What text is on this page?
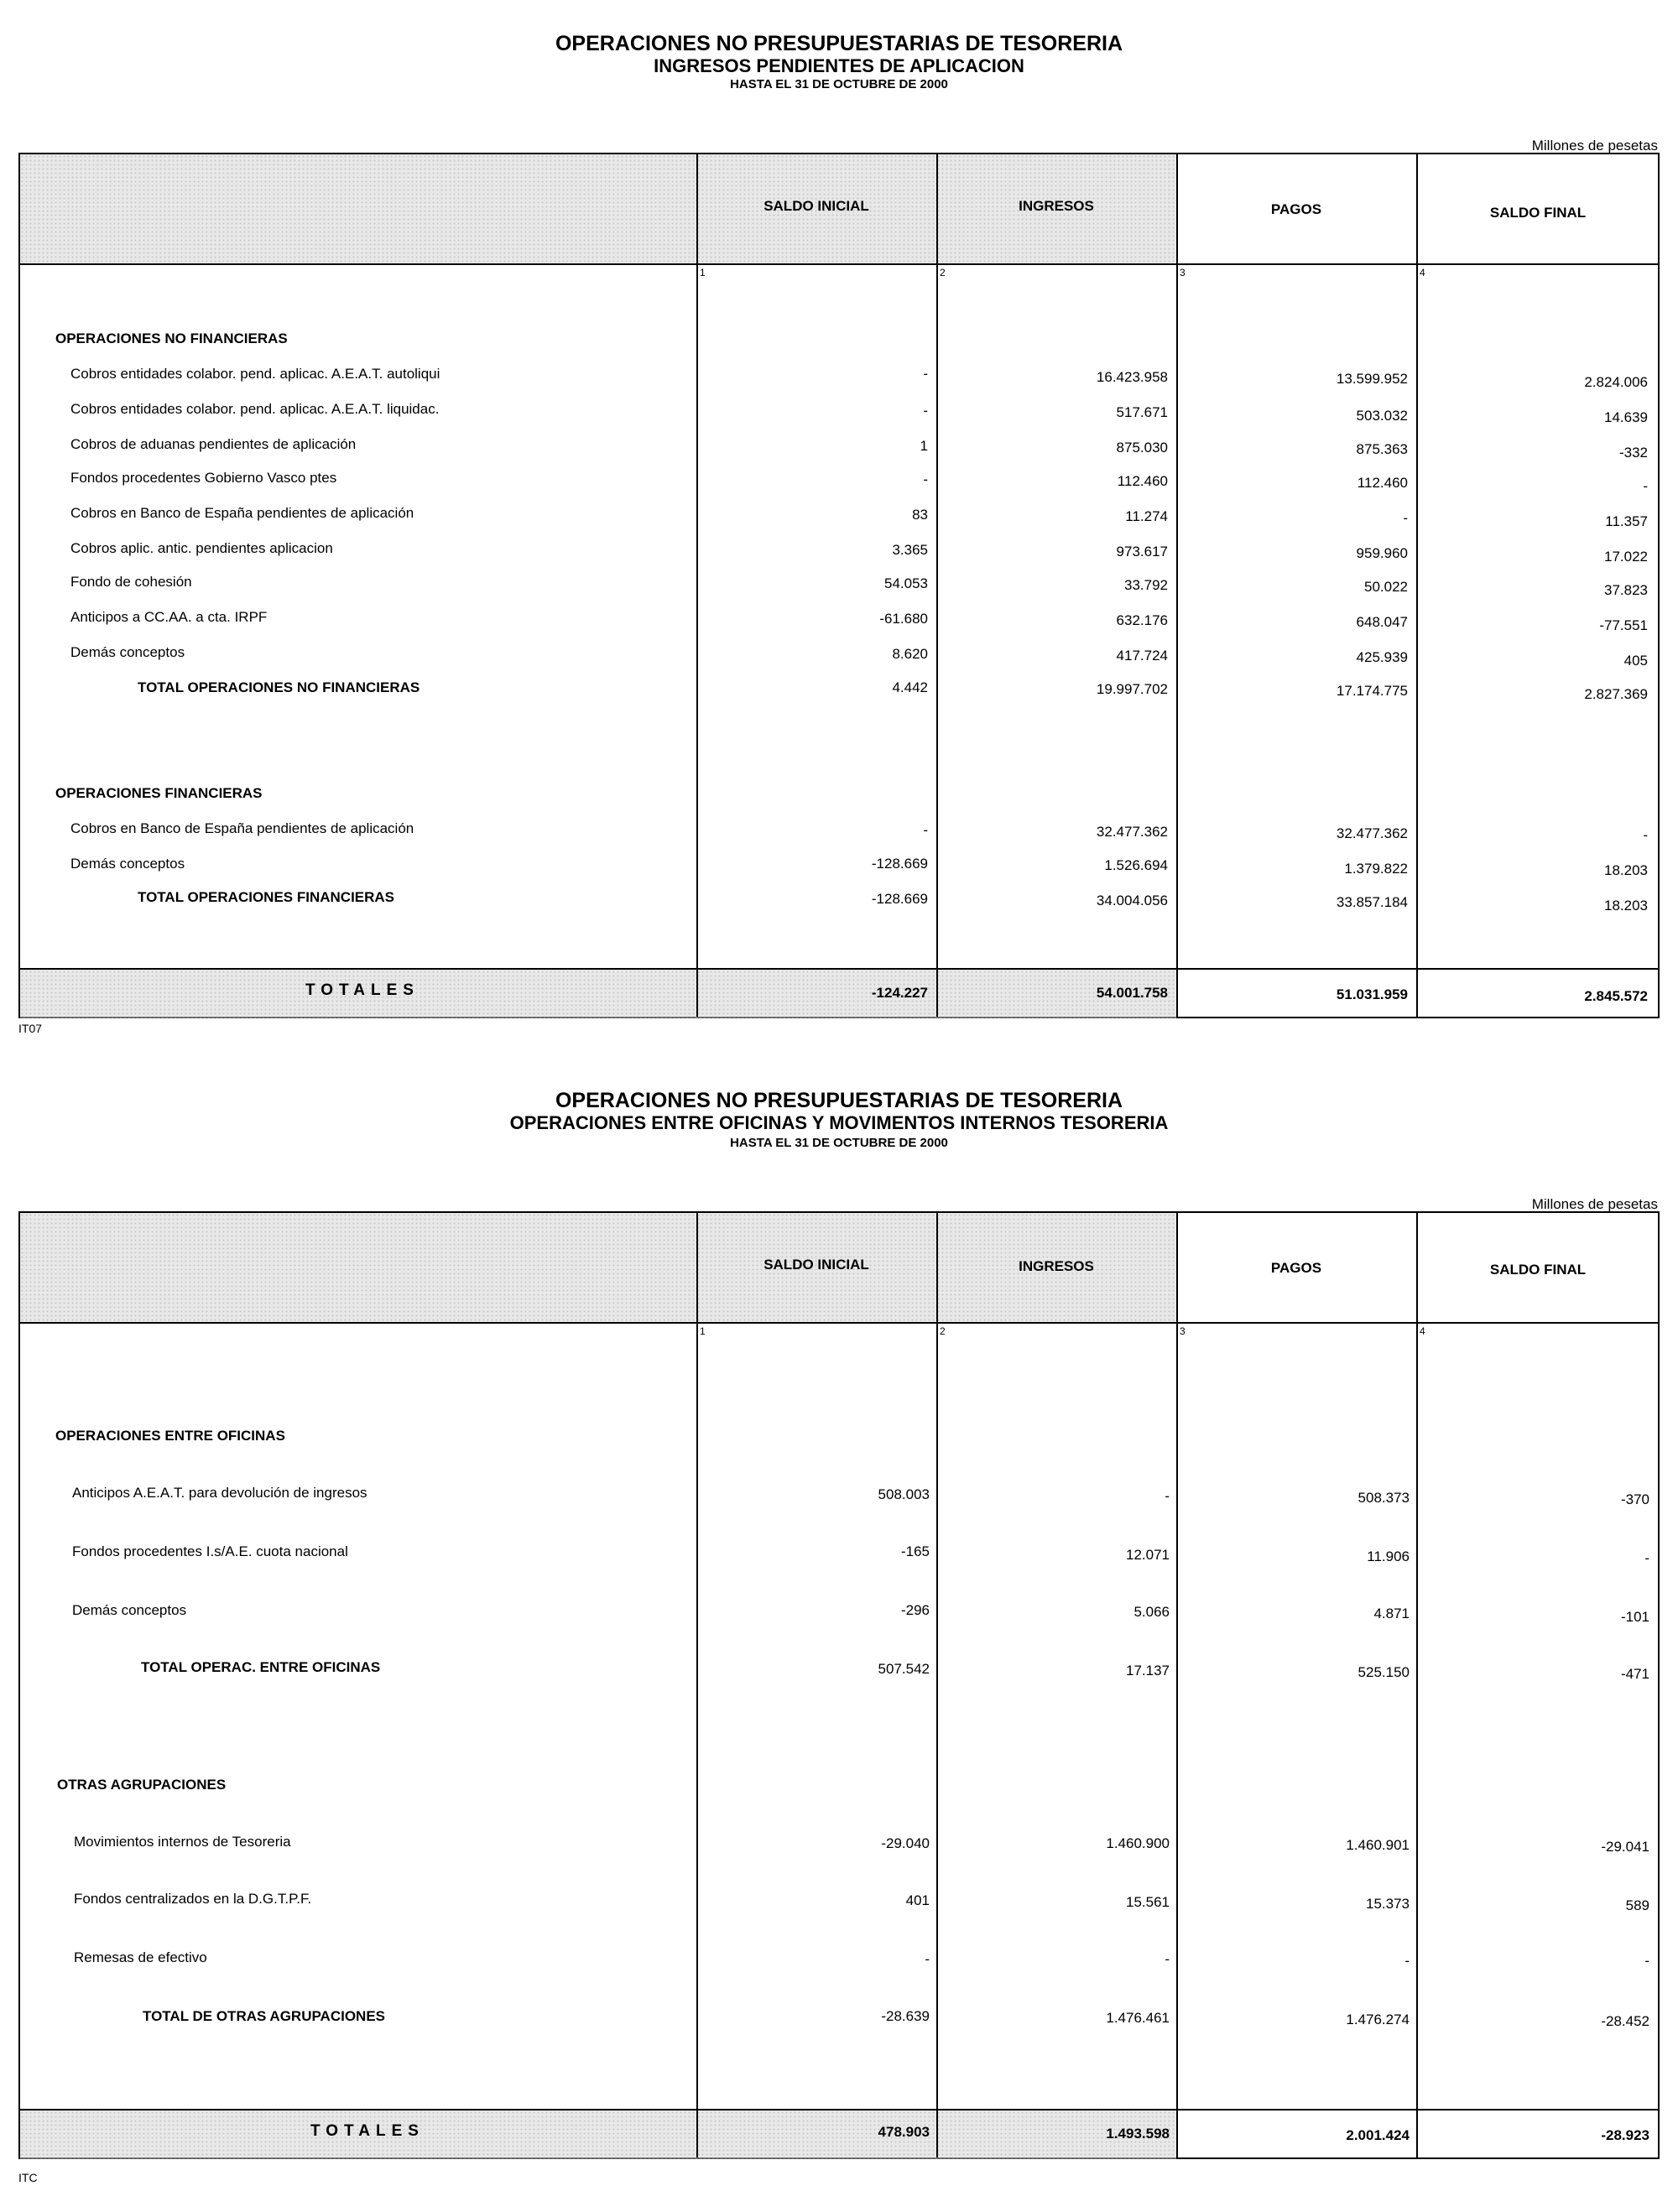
OPERACIONES NO PRESUPUESTARIAS DE TESORERIA
INGRESOS PENDIENTES DE APLICACION
HASTA EL 31 DE OCTUBRE DE 2000
Millones de pesetas
SALDO INICIAL	INGRESOS	PAGOS	SALDO FINAL
1	2	3	4
OPERACIONES NO FINANCIERAS
Cobros entidades colabor. pend. aplicac. A.E.A.T. autoliqui	-	16.423.958	13.599.952	2.824.006
Cobros entidades colabor. pend. aplicac. A.E.A.T. liquidac.	-	517.671	503.032	14.639
Cobros de aduanas pendientes de aplicación	1	875.030	875.363	-332
Fondos procedentes Gobierno Vasco ptes	-	112.460	112.460	-
Cobros en Banco de España pendientes de aplicación	83	11.274	-	11.357
Cobros aplic. antic. pendientes aplicacion	3.365	973.617	959.960	17.022
Fondo de cohesión	54.053	33.792	50.022	37.823
Anticipos a CC.AA. a cta. IRPF	-61.680	632.176	648.047	-77.551
Demás conceptos	8.620	417.724	425.939	405
TOTAL OPERACIONES NO FINANCIERAS	4.442	19.997.702	17.174.775	2.827.369
OPERACIONES FINANCIERAS
Cobros en Banco de España pendientes de aplicación	-	32.477.362	32.477.362	-
Demás conceptos	-128.669	1.526.694	1.379.822	18.203
TOTAL OPERACIONES FINANCIERAS	-128.669	34.004.056	33.857.184	18.203
TOTALES	-124.227	54.001.758	51.031.959	2.845.572
IT07
OPERACIONES NO PRESUPUESTARIAS DE TESORERIA
OPERACIONES ENTRE OFICINAS Y MOVIMENTOS INTERNOS TESORERIA
HASTA EL 31 DE OCTUBRE DE 2000
Millones de pesetas
SALDO INICIAL	INGRESOS	PAGOS	SALDO FINAL
1	2	3	4
OPERACIONES ENTRE OFICINAS
Anticipos A.E.A.T. para devolución de ingresos	508.003	-	508.373	-370
Fondos procedentes I.s/A.E. cuota nacional	-165	12.071	11.906	-
Demás conceptos	-296	5.066	4.871	-101
TOTAL OPERAC. ENTRE OFICINAS	507.542	17.137	525.150	-471
OTRAS AGRUPACIONES
Movimientos internos de Tesoreria	-29.040	1.460.900	1.460.901	-29.041
Fondos centralizados en la D.G.T.P.F.	401	15.561	15.373	589
Remesas de efectivo	-	-	-	-
TOTAL DE OTRAS AGRUPACIONES	-28.639	1.476.461	1.476.274	-28.452
TOTALES	478.903	1.493.598	2.001.424	-28.923
ITC
